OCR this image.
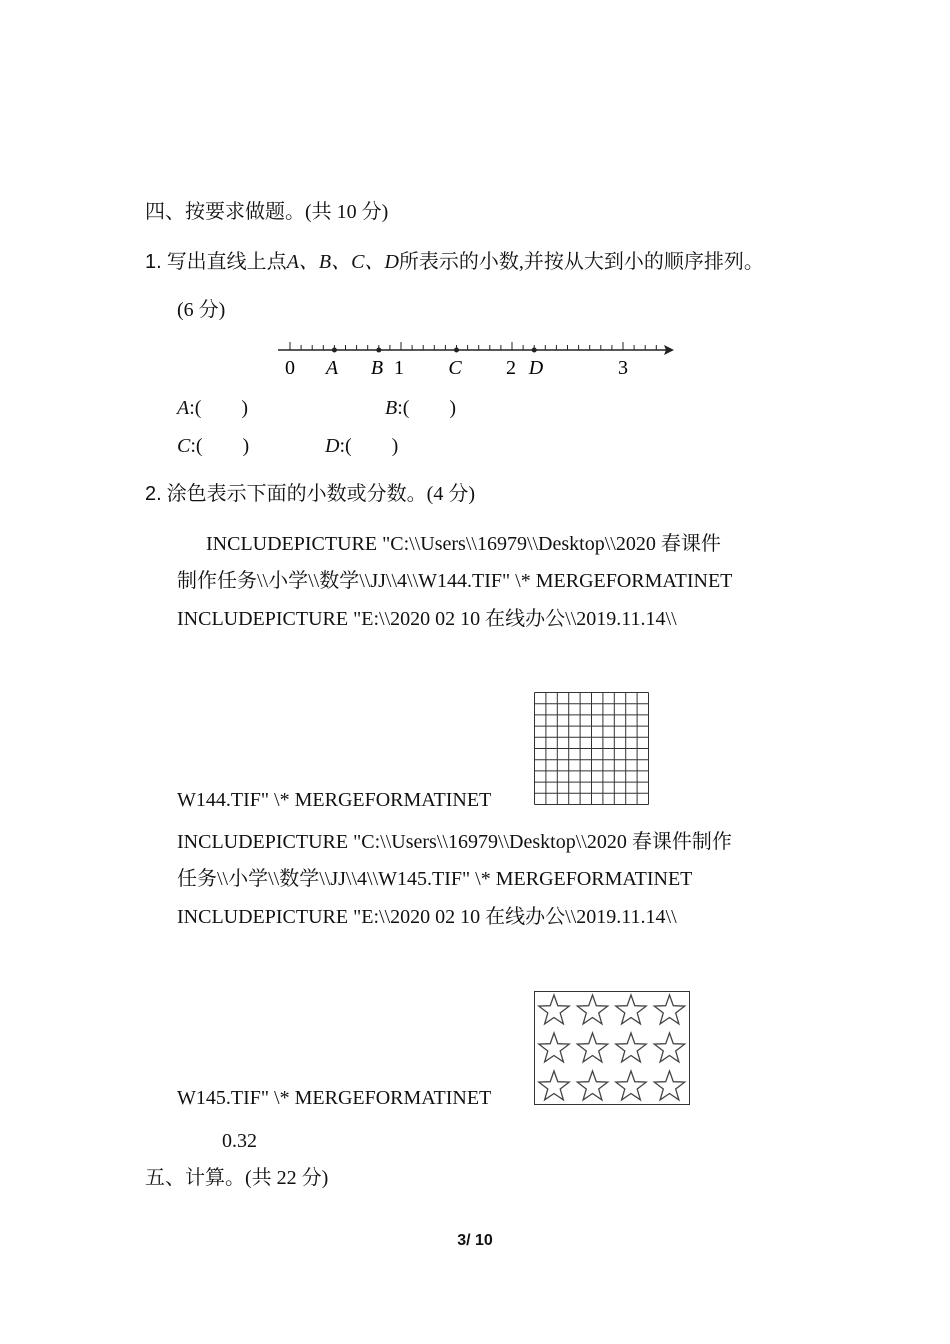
四、按要求做题。(共 10 分)
1. 写出直线上点A、B、C、D所表示的小数,并按从大到小的顺序排列。
(6 分)
0 A B 1 C 2 D	3
A:(　　)	B:(　　)
C:(　　)	D:(　　)
2. 涂色表示下面的小数或分数。(4 分)
INCLUDEPICTURE "C:\\Users\\16979\\Desktop\\2020 春课件
制作任务\\小学\\数学\\JJ\\4\\W144.TIF" \* MERGEFORMATINET
INCLUDEPICTURE "E:\\2020 02 10 在线办公\\2019.11.14\\
W144.TIF" \* MERGEFORMATINET
INCLUDEPICTURE "C:\\Users\\16979\\Desktop\\2020 春课件制作
任务\\小学\\数学\\JJ\\4\\W145.TIF" \* MERGEFORMATINET
INCLUDEPICTURE "E:\\2020 02 10 在线办公\\2019.11.14\\
W145.TIF" \* MERGEFORMATINET
0.32
五、计算。(共 22 分)
3/ 10
